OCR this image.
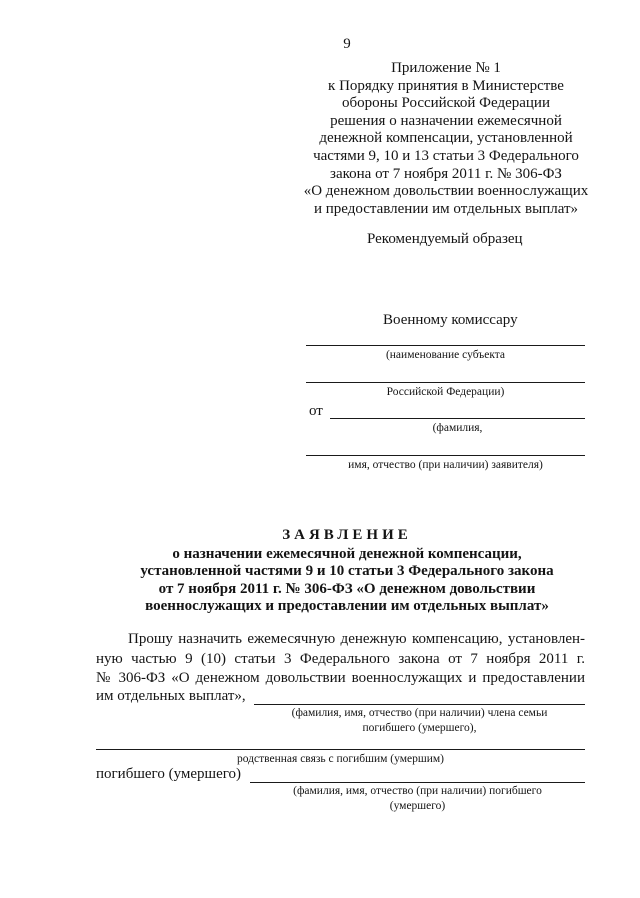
9
Приложение № 1
к Порядку принятия в Министерстве
обороны Российской Федерации
решения о назначении ежемесячной
денежной компенсации, установленной
частями 9, 10 и 13 статьи 3 Федерального
закона от 7 ноября 2011 г. № 306-ФЗ
«О денежном довольствии военнослужащих
и предоставлении им отдельных выплат»
Рекомендуемый образец
Военному комиссару
(наименование субъекта
Российской Федерации)
от
(фамилия,
имя, отчество (при наличии) заявителя)
ЗАЯВЛЕНИЕ
о назначении ежемесячной денежной компенсации,
установленной частями 9 и 10 статьи 3 Федерального закона
от 7 ноября 2011 г. № 306-ФЗ «О денежном довольствии
военнослужащих и предоставлении им отдельных выплат»
Прошу назначить ежемесячную денежную компенсацию, установлен-
ную частью 9 (10) статьи 3 Федерального закона от 7 ноября 2011 г.
№ 306-ФЗ «О денежном довольствии военнослужащих и предоставлении
им отдельных выплат»,
(фамилия, имя, отчество (при наличии) члена семьи
погибшего (умершего),
родственная связь с погибшим (умершим)
погибшего (умершего)
(фамилия, имя, отчество (при наличии) погибшего
(умершего)
